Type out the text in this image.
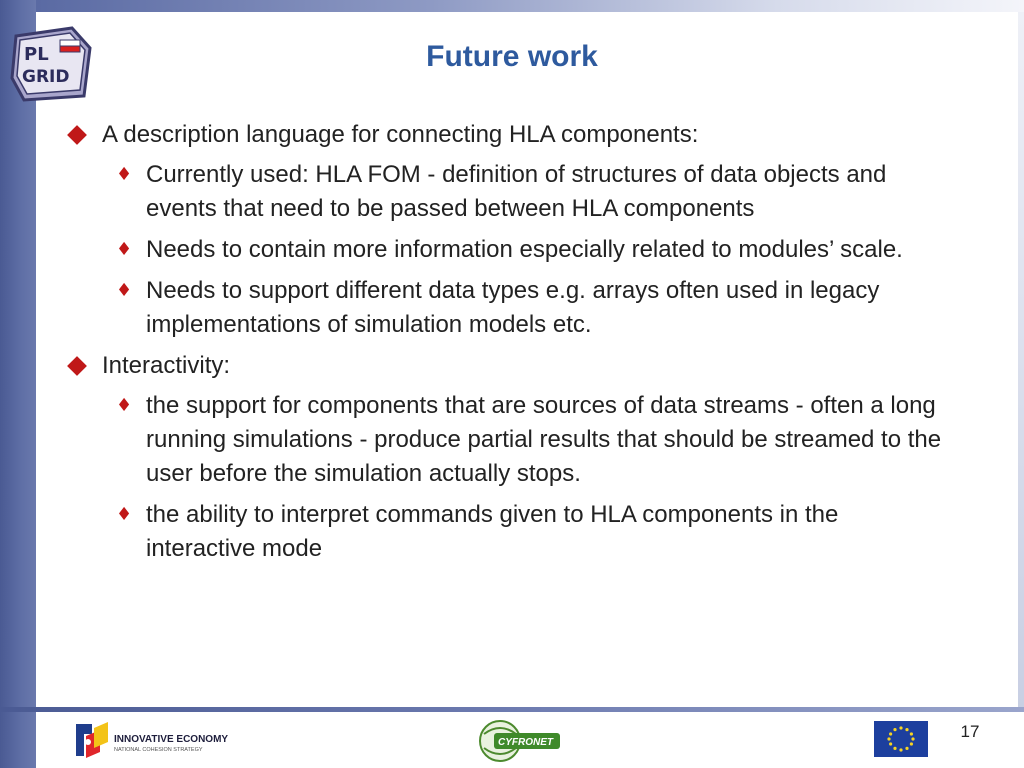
PL
GRID
Future work
A description language for connecting HLA components:
♦ Currently used: HLA FOM - definition of structures of data objects and events that need to be passed between HLA components
♦ Needs to contain more information especially related to modules’ scale.
♦ Needs to support different data types e.g. arrays often used in legacy implementations of simulation models etc.
Interactivity:
♦ the support for components that are sources of data streams - often a long running simulations - produce partial results that should be streamed to the user before the simulation actually stops.
♦ the ability to interpret commands given to HLA components in the interactive mode
INNOVATIVE ECONOMY
NATIONAL COHESION STRATEGY
CYFRONET
17
